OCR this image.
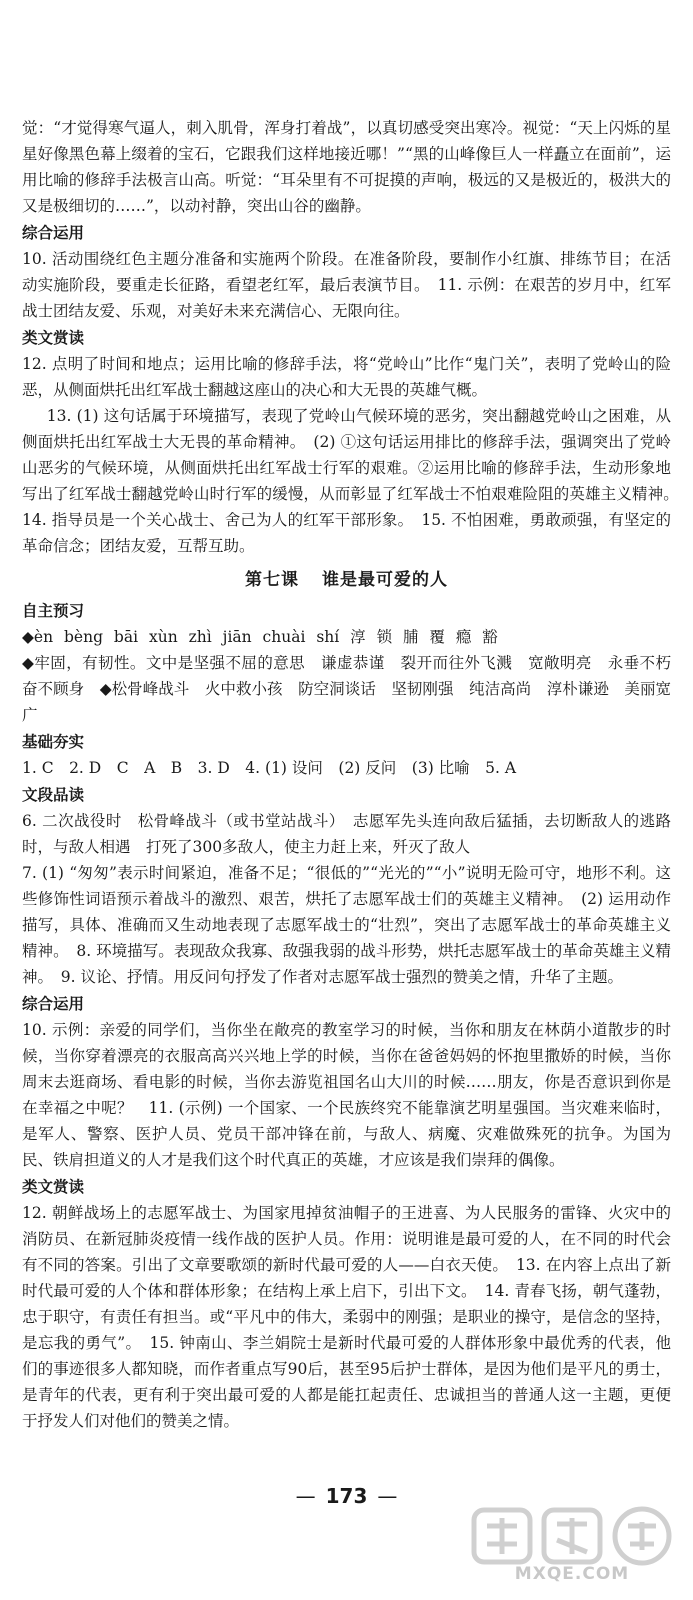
觉：“才觉得寒气逼人，刺入肌骨，浑身打着战”，以真切感受突出寒冷。视觉：“天上闪烁的星星好像黑色幕上缀着的宝石，它跟我们这样地接近哪！”“黑的山峰像巨人一样矗立在面前”，运用比喻的修辞手法极言山高。听觉：“耳朵里有不可捉摸的声响，极远的又是极近的，极洪大的又是极细切的……”，以动衬静，突出山谷的幽静。

综合运用

10. 活动围绕红色主题分准备和实施两个阶段。在准备阶段，要制作小红旗、排练节目；在活动实施阶段，要重走长征路，看望老红军，最后表演节目。　11. 示例：在艰苦的岁月中，红军战士团结友爱、乐观，对美好未来充满信心、无限向往。

类文赏读

12. 点明了时间和地点；运用比喻的修辞手法，将“党岭山”比作“鬼门关”，表明了党岭山的险恶，从侧面烘托出红军战士翻越这座山的决心和大无畏的英雄气概。

13. (1) 这句话属于环境描写，表现了党岭山气候环境的恶劣，突出翻越党岭山之困难，从侧面烘托出红军战士大无畏的革命精神。　(2) ①这句话运用排比的修辞手法，强调突出了党岭山恶劣的气候环境，从侧面烘托出红军战士行军的艰难。②运用比喻的修辞手法，生动形象地写出了红军战士翻越党岭山时行军的缓慢，从而彰显了红军战士不怕艰难险阻的英雄主义精神。　14. 指导员是一个关心战士、舍己为人的红军干部形象。　15. 不怕困难，勇敢顽强，有坚定的革命信念；团结友爱，互帮互助。

第七课 谁是最可爱的人
自主预习

◆èn bèng bāi xùn zhì jiān chuài shí 淳 锁 脯 覆 瘾 豁

◆牢固，有韧性。文中是坚强不屈的意思　谦虚恭谨　裂开而往外飞溅　宽敞明亮　永垂不朽　奋不顾身　◆松骨峰战斗　火中救小孩　防空洞谈话　坚韧刚强　纯洁高尚　淳朴谦逊　美丽宽广

基础夯实

1. C　2. D　C　A　B　3. D　4. (1) 设问　(2) 反问　(3) 比喻　5. A

文段品读

6. 二次战役时　松骨峰战斗（或书堂站战斗）　志愿军先头连向敌后猛插，去切断敌人的逃路时，与敌人相遇　打死了300多敌人，使主力赶上来，歼灭了敌人

7. (1) “匆匆”表示时间紧迫，准备不足；“很低的”“光光的”“小”说明无险可守，地形不利。这些修饰性词语预示着战斗的激烈、艰苦，烘托了志愿军战士们的英雄主义精神。　(2) 运用动作描写，具体、准确而又生动地表现了志愿军战士的“壮烈”，突出了志愿军战士的革命英雄主义精神。　8. 环境描写。表现敌众我寡、敌强我弱的战斗形势，烘托志愿军战士的革命英雄主义精神。　9. 议论、抒情。用反问句抒发了作者对志愿军战士强烈的赞美之情，升华了主题。

综合运用

10. 示例：亲爱的同学们，当你坐在敞亮的教室学习的时候，当你和朋友在林荫小道散步的时候，当你穿着漂亮的衣服高高兴兴地上学的时候，当你在爸爸妈妈的怀抱里撒娇的时候，当你周末去逛商场、看电影的时候，当你去游览祖国名山大川的时候……朋友，你是否意识到你是在幸福之中呢？　11. (示例) 一个国家、一个民族终究不能靠演艺明星强国。当灾难来临时，是军人、警察、医护人员、党员干部冲锋在前，与敌人、病魔、灾难做殊死的抗争。为国为民、铁肩担道义的人才是我们这个时代真正的英雄，才应该是我们崇拜的偶像。

类文赏读

12. 朝鲜战场上的志愿军战士、为国家甩掉贫油帽子的王进喜、为人民服务的雷锋、火灾中的消防员、在新冠肺炎疫情一线作战的医护人员。作用：说明谁是最可爱的人，在不同的时代会有不同的答案。引出了文章要歌颂的新时代最可爱的人——白衣天使。　13. 在内容上点出了新时代最可爱的人个体和群体形象；在结构上承上启下，引出下文。　14. 青春飞扬，朝气蓬勃，忠于职守，有责任有担当。或“平凡中的伟大，柔弱中的刚强；是职业的操守，是信念的坚持，是忘我的勇气”。　15. 钟南山、李兰娟院士是新时代最可爱的人群体形象中最优秀的代表，他们的事迹很多人都知晓，而作者重点写90后，甚至95后护士群体，是因为他们是平凡的勇士，是青年的代表，更有利于突出最可爱的人都是能扛起责任、忠诚担当的普通人这一主题，更便于抒发人们对他们的赞美之情。

— 173 —
MXQE.COM
